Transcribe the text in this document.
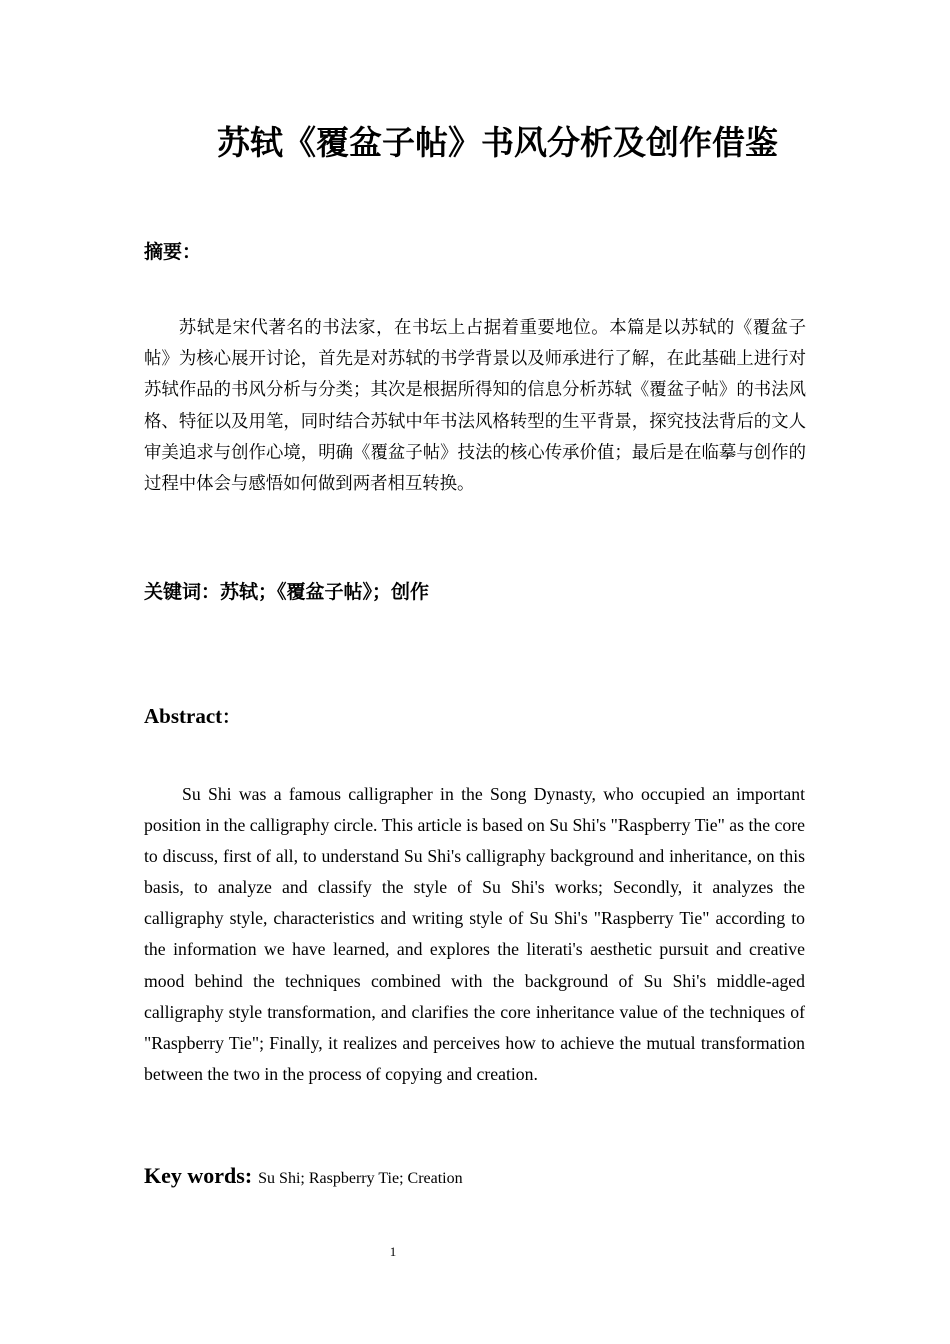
苏轼《覆盆子帖》书风分析及创作借鉴
摘要：

苏轼是宋代著名的书法家，在书坛上占据着重要地位。本篇是以苏轼的《覆盆子帖》为核心展开讨论，首先是对苏轼的书学背景以及师承进行了解，在此基础上进行对苏轼作品的书风分析与分类；其次是根据所得知的信息分析苏轼《覆盆子帖》的书法风格、特征以及用笔，同时结合苏轼中年书法风格转型的生平背景，探究技法背后的文人审美追求与创作心境，明确《覆盆子帖》技法的核心传承价值；最后是在临摹与创作的过程中体会与感悟如何做到两者相互转换。

关键词：苏轼；《覆盆子帖》；创作
Abstract：

Su Shi was a famous calligrapher in the Song Dynasty, who occupied an important position in the calligraphy circle. This article is based on Su Shi's "Raspberry Tie" as the core to discuss, first of all, to understand Su Shi's calligraphy background and inheritance, on this basis, to analyze and classify the style of Su Shi's works; Secondly, it analyzes the calligraphy style, characteristics and writing style of Su Shi's "Raspberry Tie" according to the information we have learned, and explores the literati's aesthetic pursuit and creative mood behind the techniques combined with the background of Su Shi's middle-aged calligraphy style transformation, and clarifies the core inheritance value of the techniques of "Raspberry Tie"; Finally, it realizes and perceives how to achieve the mutual transformation between the two in the process of copying and creation.

Key words: Su Shi; Raspberry Tie; Creation
1
